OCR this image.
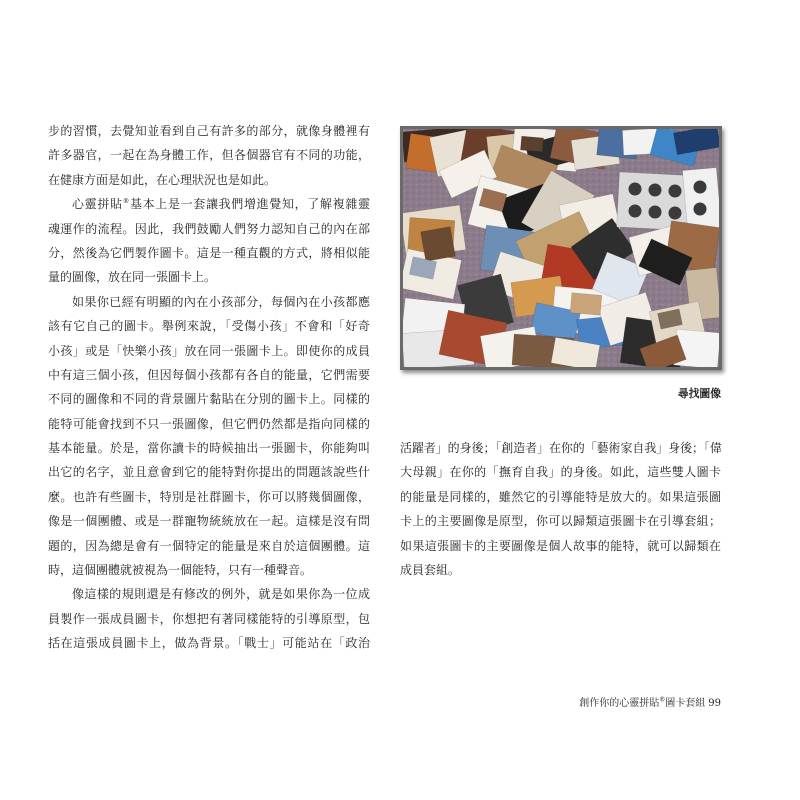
步的習慣，去覺知並看到自己有許多的部分，就像身體裡有
許多器官，一起在為身體工作，但各個器官有不同的功能，
在健康方面是如此，在心理狀況也是如此。
心靈拼貼®基本上是一套讓我們增進覺知，了解複雜靈
魂運作的流程。因此，我們鼓勵人們努力認知自己的內在部
分，然後為它們製作圖卡。這是一種直觀的方式，將相似能
量的圖像，放在同一張圖卡上。
如果你已經有明顯的內在小孩部分，每個內在小孩都應
該有它自己的圖卡。舉例來說，「受傷小孩」不會和「好奇
小孩」或是「快樂小孩」放在同一張圖卡上。即使你的成員
中有這三個小孩，但因每個小孩都有各自的能量，它們需要
不同的圖像和不同的背景圖片黏貼在分別的圖卡上。同樣的
能特可能會找到不只一張圖像，但它們仍然都是指向同樣的
基本能量。於是，當你讀卡的時候抽出一張圖卡，你能夠叫
出它的名字，並且意會到它的能特對你提出的問題該說些什
麼。也許有些圖卡，特別是社群圖卡，你可以將幾個圖像，
像是一個團體、或是一群寵物統統放在一起。這樣是沒有問
題的，因為總是會有一個特定的能量是來自於這個團體。這
時，這個團體就被視為一個能特，只有一種聲音。
像這樣的規則還是有修改的例外，就是如果你為一位成
員製作一張成員圖卡，你想把有著同樣能特的引導原型，包
括在這張成員圖卡上，做為背景。「戰士」可能站在「政治
尋找圖像
活躍者」的身後；「創造者」在你的「藝術家自我」身後；「偉
大母親」在你的「撫育自我」的身後。如此，這些雙人圖卡
的能量是同樣的，雖然它的引導能特是放大的。如果這張圖
卡上的主要圖像是原型，你可以歸類這張圖卡在引導套組；
如果這張圖卡的主要圖像是個人故事的能特，就可以歸類在
成員套組。
創作你的心靈拼貼®圖卡套組 99
